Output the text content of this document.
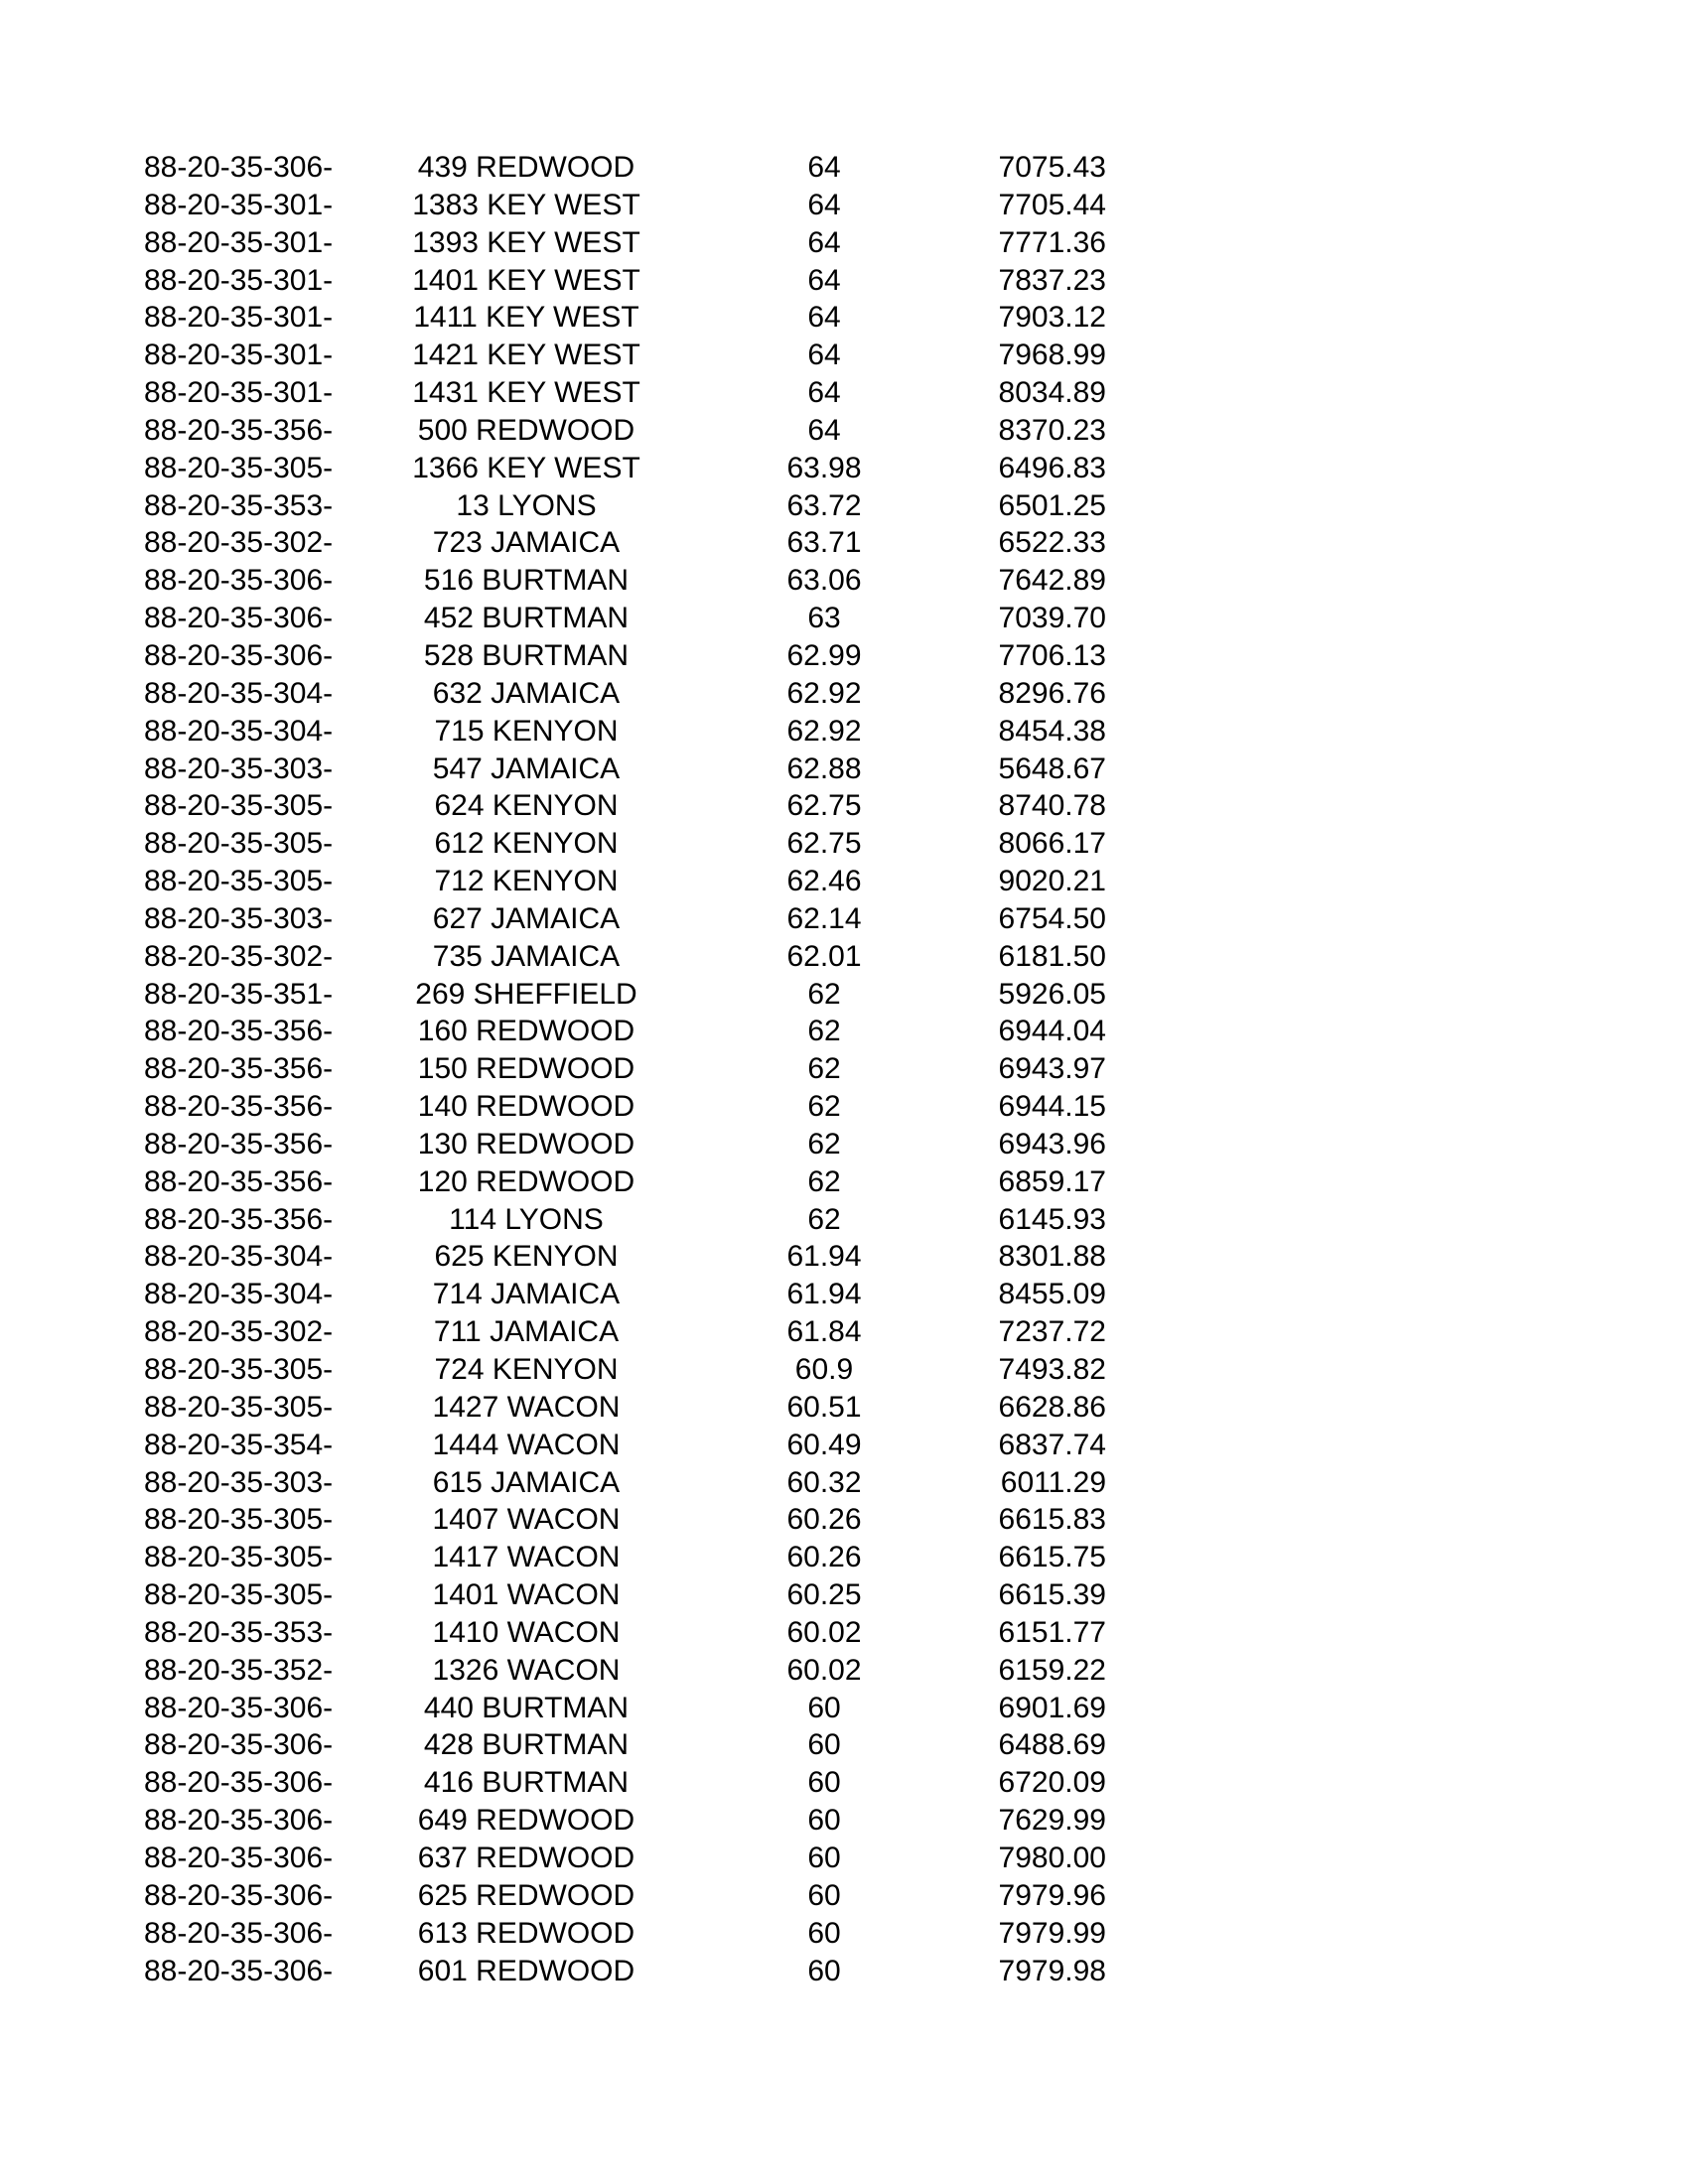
88-20-35-306-	439 REDWOOD	64	7075.43
88-20-35-301-	1383 KEY WEST	64	7705.44
88-20-35-301-	1393 KEY WEST	64	7771.36
88-20-35-301-	1401 KEY WEST	64	7837.23
88-20-35-301-	1411 KEY WEST	64	7903.12
88-20-35-301-	1421 KEY WEST	64	7968.99
88-20-35-301-	1431 KEY WEST	64	8034.89
88-20-35-356-	500 REDWOOD	64	8370.23
88-20-35-305-	1366 KEY WEST	63.98	6496.83
88-20-35-353-	13 LYONS	63.72	6501.25
88-20-35-302-	723 JAMAICA	63.71	6522.33
88-20-35-306-	516 BURTMAN	63.06	7642.89
88-20-35-306-	452 BURTMAN	63	7039.70
88-20-35-306-	528 BURTMAN	62.99	7706.13
88-20-35-304-	632 JAMAICA	62.92	8296.76
88-20-35-304-	715 KENYON	62.92	8454.38
88-20-35-303-	547 JAMAICA	62.88	5648.67
88-20-35-305-	624 KENYON	62.75	8740.78
88-20-35-305-	612 KENYON	62.75	8066.17
88-20-35-305-	712 KENYON	62.46	9020.21
88-20-35-303-	627 JAMAICA	62.14	6754.50
88-20-35-302-	735 JAMAICA	62.01	6181.50
88-20-35-351-	269 SHEFFIELD	62	5926.05
88-20-35-356-	160 REDWOOD	62	6944.04
88-20-35-356-	150 REDWOOD	62	6943.97
88-20-35-356-	140 REDWOOD	62	6944.15
88-20-35-356-	130 REDWOOD	62	6943.96
88-20-35-356-	120 REDWOOD	62	6859.17
88-20-35-356-	114 LYONS	62	6145.93
88-20-35-304-	625 KENYON	61.94	8301.88
88-20-35-304-	714 JAMAICA	61.94	8455.09
88-20-35-302-	711 JAMAICA	61.84	7237.72
88-20-35-305-	724 KENYON	60.9	7493.82
88-20-35-305-	1427 WACON	60.51	6628.86
88-20-35-354-	1444 WACON	60.49	6837.74
88-20-35-303-	615 JAMAICA	60.32	6011.29
88-20-35-305-	1407 WACON	60.26	6615.83
88-20-35-305-	1417 WACON	60.26	6615.75
88-20-35-305-	1401 WACON	60.25	6615.39
88-20-35-353-	1410 WACON	60.02	6151.77
88-20-35-352-	1326 WACON	60.02	6159.22
88-20-35-306-	440 BURTMAN	60	6901.69
88-20-35-306-	428 BURTMAN	60	6488.69
88-20-35-306-	416 BURTMAN	60	6720.09
88-20-35-306-	649 REDWOOD	60	7629.99
88-20-35-306-	637 REDWOOD	60	7980.00
88-20-35-306-	625 REDWOOD	60	7979.96
88-20-35-306-	613 REDWOOD	60	7979.99
88-20-35-306-	601 REDWOOD	60	7979.98
